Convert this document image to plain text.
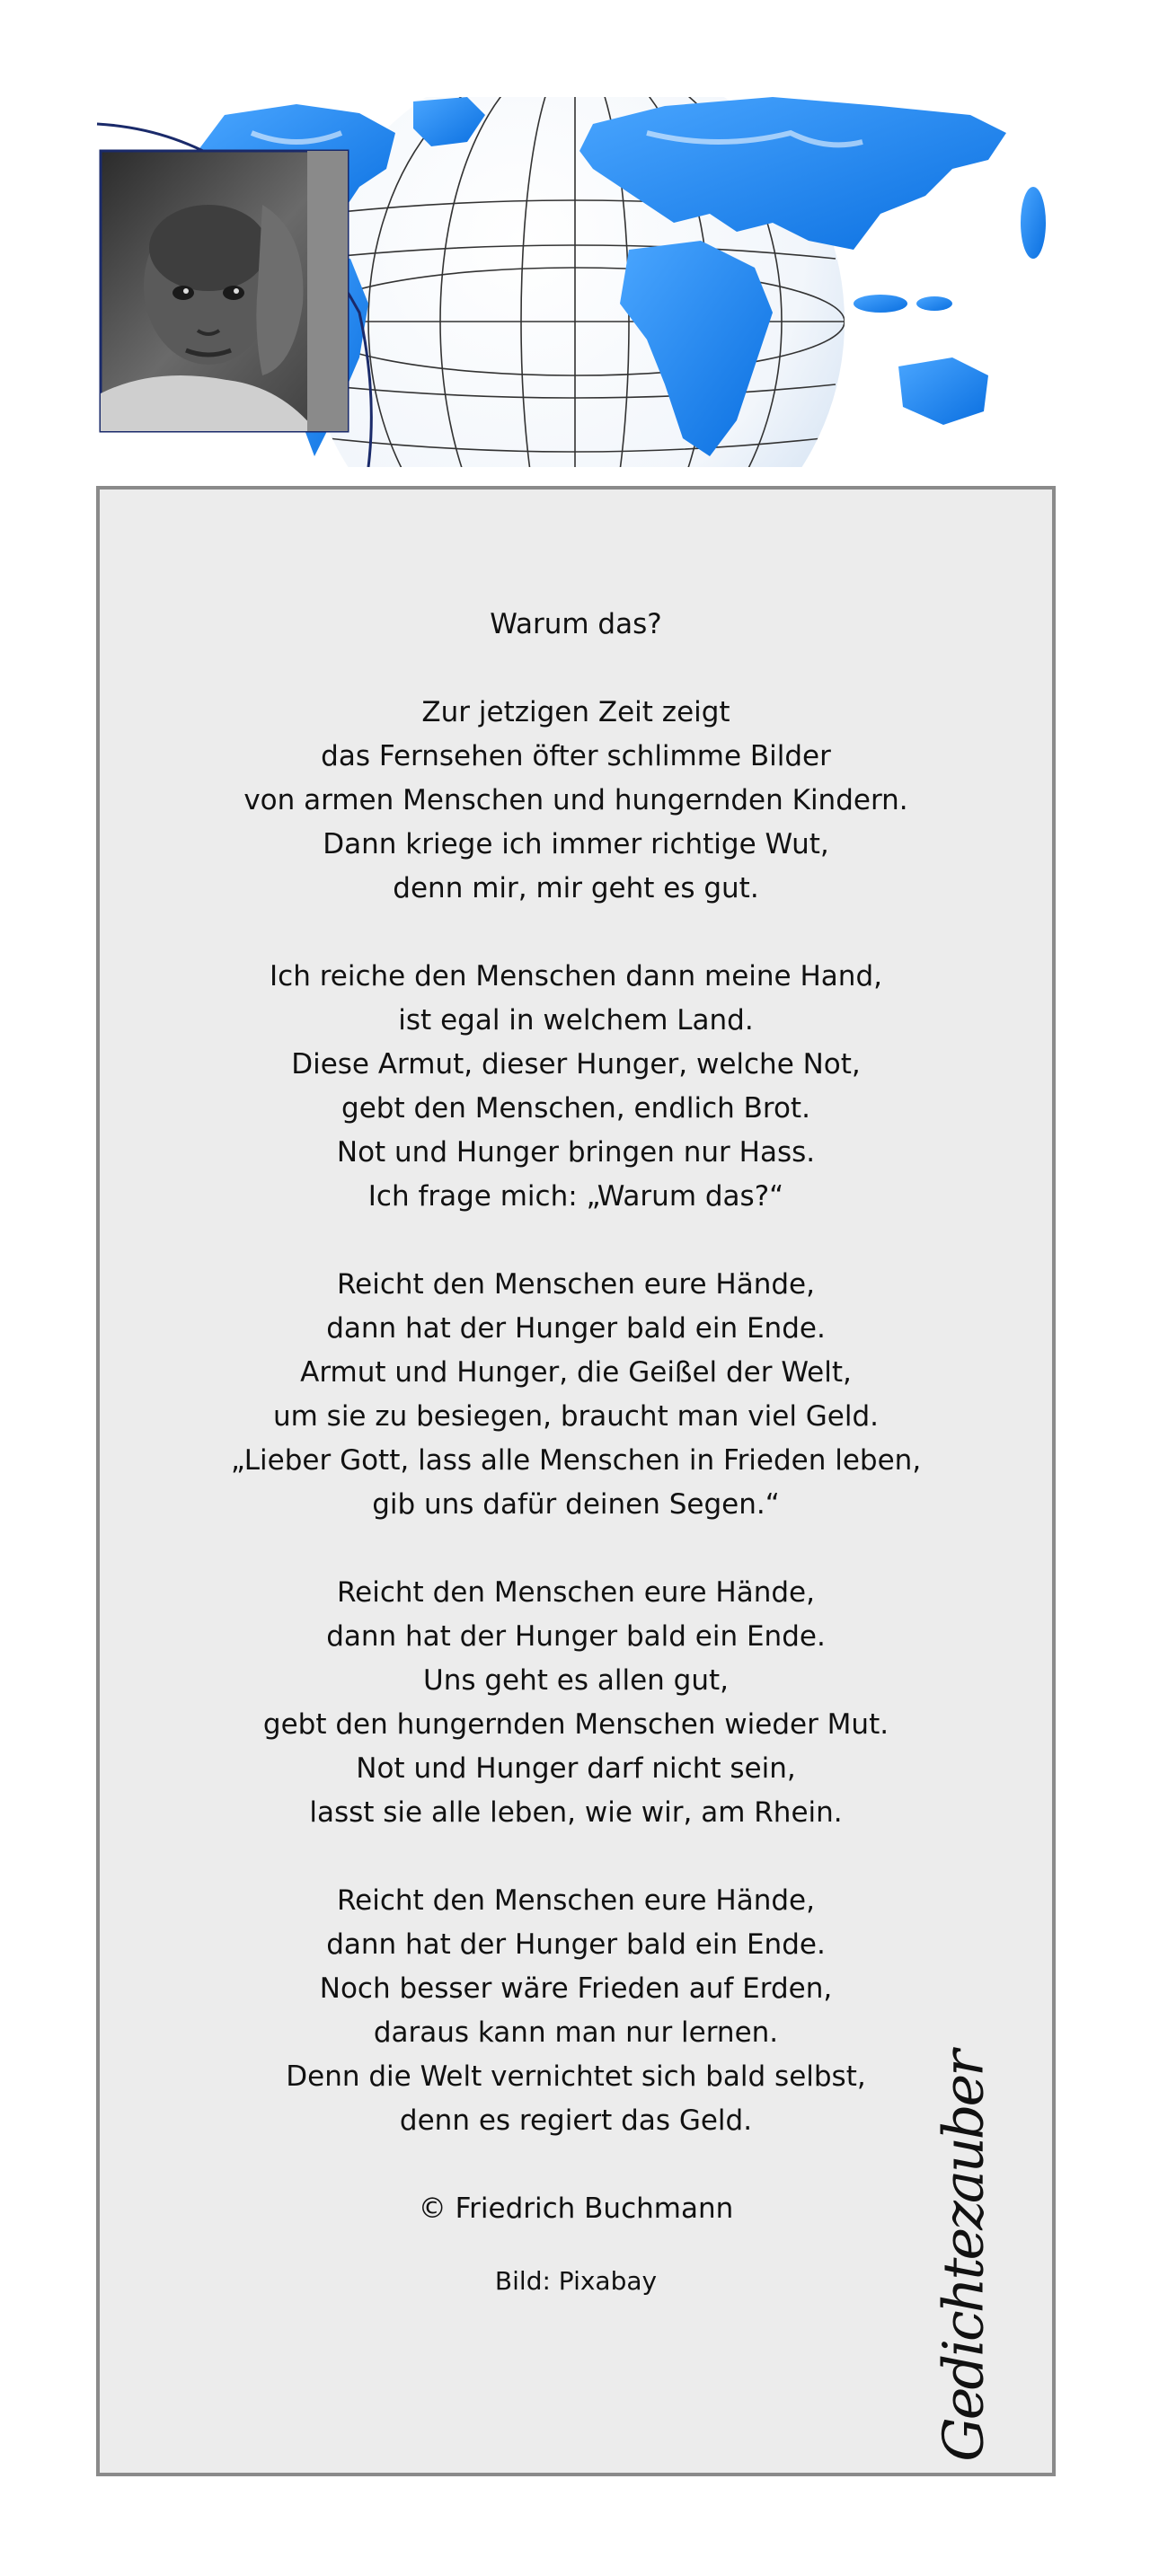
Warum das?
Zur jetzigen Zeit zeigt
das Fernsehen öfter schlimme Bilder
von armen Menschen und hungernden Kindern.
Dann kriege ich immer richtige Wut,
denn mir, mir geht es gut.
Ich reiche den Menschen dann meine Hand,
ist egal in welchem Land.
Diese Armut, dieser Hunger, welche Not,
gebt den Menschen, endlich Brot.
Not und Hunger bringen nur Hass.
Ich frage mich: „Warum das?“
Reicht den Menschen eure Hände,
dann hat der Hunger bald ein Ende.
Armut und Hunger, die Geißel der Welt,
um sie zu besiegen, braucht man viel Geld.
„Lieber Gott, lass alle Menschen in Frieden leben,
gib uns dafür deinen Segen.“
Reicht den Menschen eure Hände,
dann hat der Hunger bald ein Ende.
Uns geht es allen gut,
gebt den hungernden Menschen wieder Mut.
Not und Hunger darf nicht sein,
lasst sie alle leben, wie wir, am Rhein.
Reicht den Menschen eure Hände,
dann hat der Hunger bald ein Ende.
Noch besser wäre Frieden auf Erden,
daraus kann man nur lernen.
Denn die Welt vernichtet sich bald selbst,
denn es regiert das Geld.
© Friedrich Buchmann
Bild: Pixabay	Gedichtezauber
